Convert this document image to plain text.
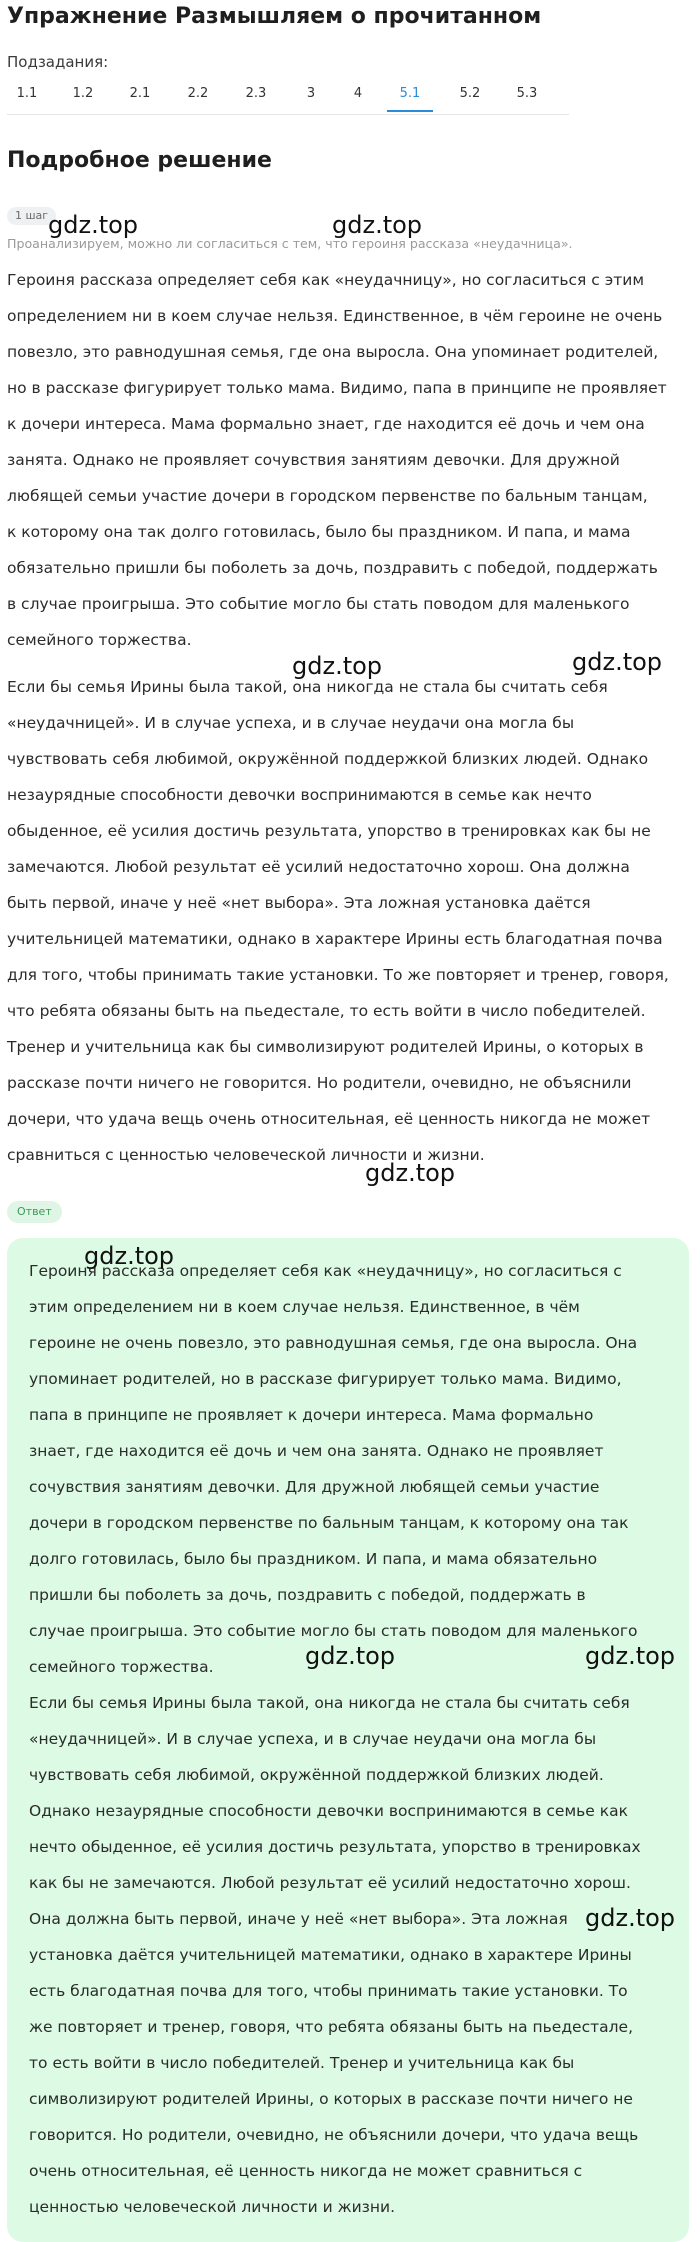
Упражнение Размышляем о прочитанном
Подзадания:
1.1	1.2	2.1	2.2	2.3	3	4	5.1	5.2	5.3
Подробное решение
1 шаг
Проанализируем, можно ли согласиться с тем, что героиня рассказа «неудачница».
Героиня рассказа определяет себя как «неудачницу», но согласиться с этим
определением ни в коем случае нельзя. Единственное, в чём героине не очень
повезло, это равнодушная семья, где она выросла. Она упоминает родителей,
но в рассказе фигурирует только мама. Видимо, папа в принципе не проявляет
к дочери интереса. Мама формально знает, где находится её дочь и чем она
занята. Однако не проявляет сочувствия занятиям девочки. Для дружной
любящей семьи участие дочери в городском первенстве по бальным танцам,
к которому она так долго готовилась, было бы праздником. И папа, и мама
обязательно пришли бы поболеть за дочь, поздравить с победой, поддержать
в случае проигрыша. Это событие могло бы стать поводом для маленького
семейного торжества.
Если бы семья Ирины была такой, она никогда не стала бы считать себя
«неудачницей». И в случае успеха, и в случае неудачи она могла бы
чувствовать себя любимой, окружённой поддержкой близких людей. Однако
незаурядные способности девочки воспринимаются в семье как нечто
обыденное, её усилия достичь результата, упорство в тренировках как бы не
замечаются. Любой результат её усилий недостаточно хорош. Она должна
быть первой, иначе у неё «нет выбора». Эта ложная установка даётся
учительницей математики, однако в характере Ирины есть благодатная почва
для того, чтобы принимать такие установки. То же повторяет и тренер, говоря,
что ребята обязаны быть на пьедестале, то есть войти в число победителей.
Тренер и учительница как бы символизируют родителей Ирины, о которых в
рассказе почти ничего не говорится. Но родители, очевидно, не объяснили
дочери, что удача вещь очень относительная, её ценность никогда не может
сравниться с ценностью человеческой личности и жизни.
Ответ
Героиня рассказа определяет себя как «неудачницу», но согласиться с
этим определением ни в коем случае нельзя. Единственное, в чём
героине не очень повезло, это равнодушная семья, где она выросла. Она
упоминает родителей, но в рассказе фигурирует только мама. Видимо,
папа в принципе не проявляет к дочери интереса. Мама формально
знает, где находится её дочь и чем она занята. Однако не проявляет
сочувствия занятиям девочки. Для дружной любящей семьи участие
дочери в городском первенстве по бальным танцам, к которому она так
долго готовилась, было бы праздником. И папа, и мама обязательно
пришли бы поболеть за дочь, поздравить с победой, поддержать в
случае проигрыша. Это событие могло бы стать поводом для маленького
семейного торжества.
Если бы семья Ирины была такой, она никогда не стала бы считать себя
«неудачницей». И в случае успеха, и в случае неудачи она могла бы
чувствовать себя любимой, окружённой поддержкой близких людей.
Однако незаурядные способности девочки воспринимаются в семье как
нечто обыденное, её усилия достичь результата, упорство в тренировках
как бы не замечаются. Любой результат её усилий недостаточно хорош.
Она должна быть первой, иначе у неё «нет выбора». Эта ложная
установка даётся учительницей математики, однако в характере Ирины
есть благодатная почва для того, чтобы принимать такие установки. То
же повторяет и тренер, говоря, что ребята обязаны быть на пьедестале,
то есть войти в число победителей. Тренер и учительница как бы
символизируют родителей Ирины, о которых в рассказе почти ничего не
говорится. Но родители, очевидно, не объяснили дочери, что удача вещь
очень относительная, её ценность никогда не может сравниться с
ценностью человеческой личности и жизни.
gdz.top	gdz.top
gdz.top	gdz.top
gdz.top
gdz.top
gdz.top	gdz.top
gdz.top
